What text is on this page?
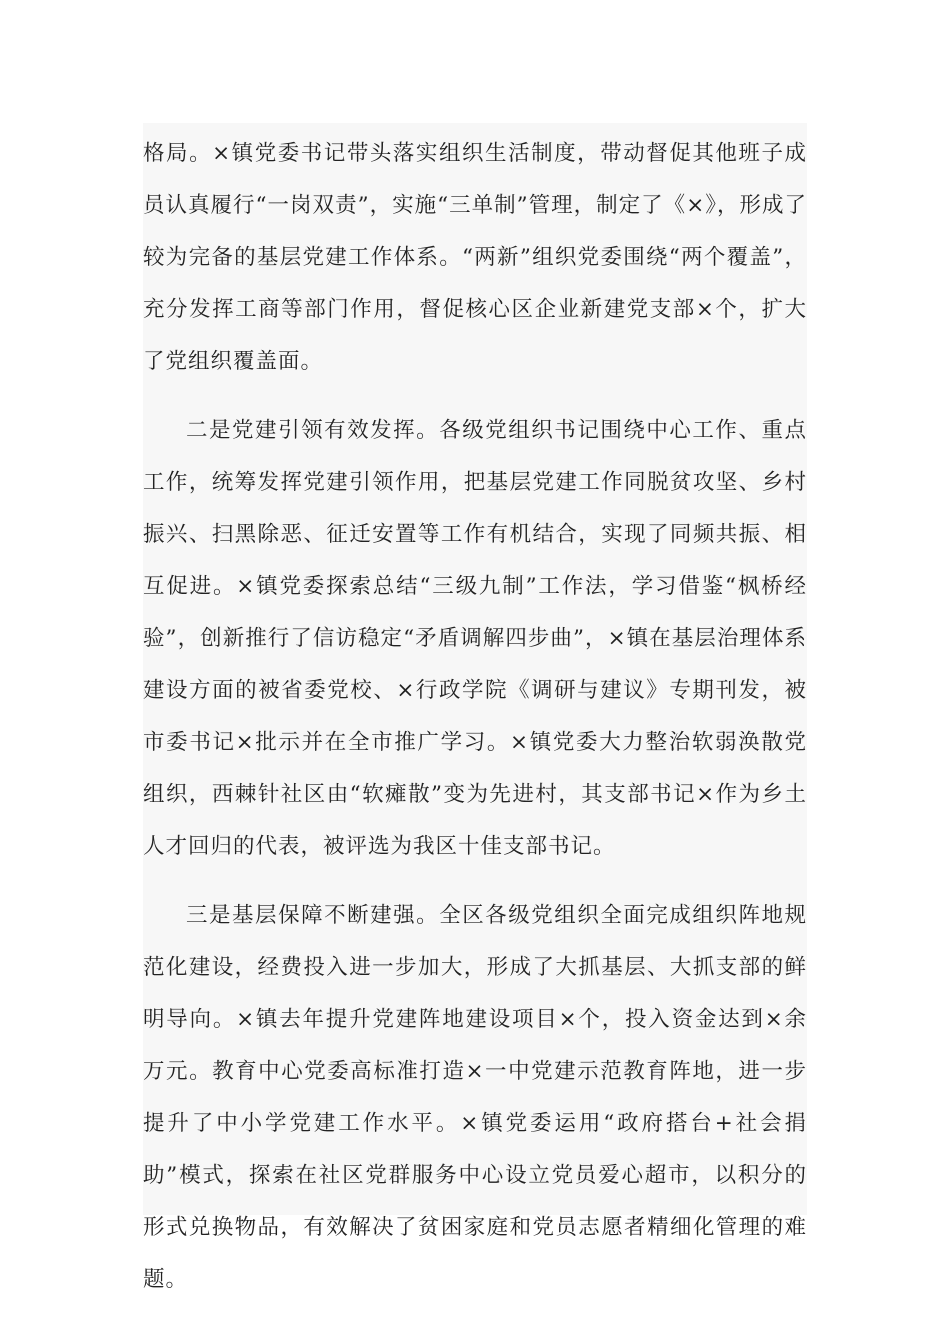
格局。×镇党委书记带头落实组织生活制度，带动督促其他班子成员认真履行“一岗双责”，实施“三单制”管理，制定了《×》，形成了较为完备的基层党建工作体系。“两新”组织党委围绕“两个覆盖”，充分发挥工商等部门作用，督促核心区企业新建党支部×个，扩大了党组织覆盖面。

二是党建引领有效发挥。各级党组织书记围绕中心工作、重点工作，统筹发挥党建引领作用，把基层党建工作同脱贫攻坚、乡村振兴、扫黑除恶、征迁安置等工作有机结合，实现了同频共振、相互促进。×镇党委探索总结“三级九制”工作法，学习借鉴“枫桥经验”，创新推行了信访稳定“矛盾调解四步曲”，×镇在基层治理体系建设方面的被省委党校、×行政学院《调研与建议》专期刊发，被市委书记×批示并在全市推广学习。×镇党委大力整治软弱涣散党组织，西棘针社区由“软瘫散”变为先进村，其支部书记×作为乡土人才回归的代表，被评选为我区十佳支部书记。

三是基层保障不断建强。全区各级党组织全面完成组织阵地规范化建设，经费投入进一步加大，形成了大抓基层、大抓支部的鲜明导向。×镇去年提升党建阵地建设项目×个，投入资金达到×余万元。教育中心党委高标准打造×一中党建示范教育阵地，进一步提升了中小学党建工作水平。×镇党委运用“政府搭台+社会捐助”模式，探索在社区党群服务中心设立党员爱心超市，以积分的形式兑换物品，有效解决了贫困家庭和党员志愿者精细化管理的难题。
